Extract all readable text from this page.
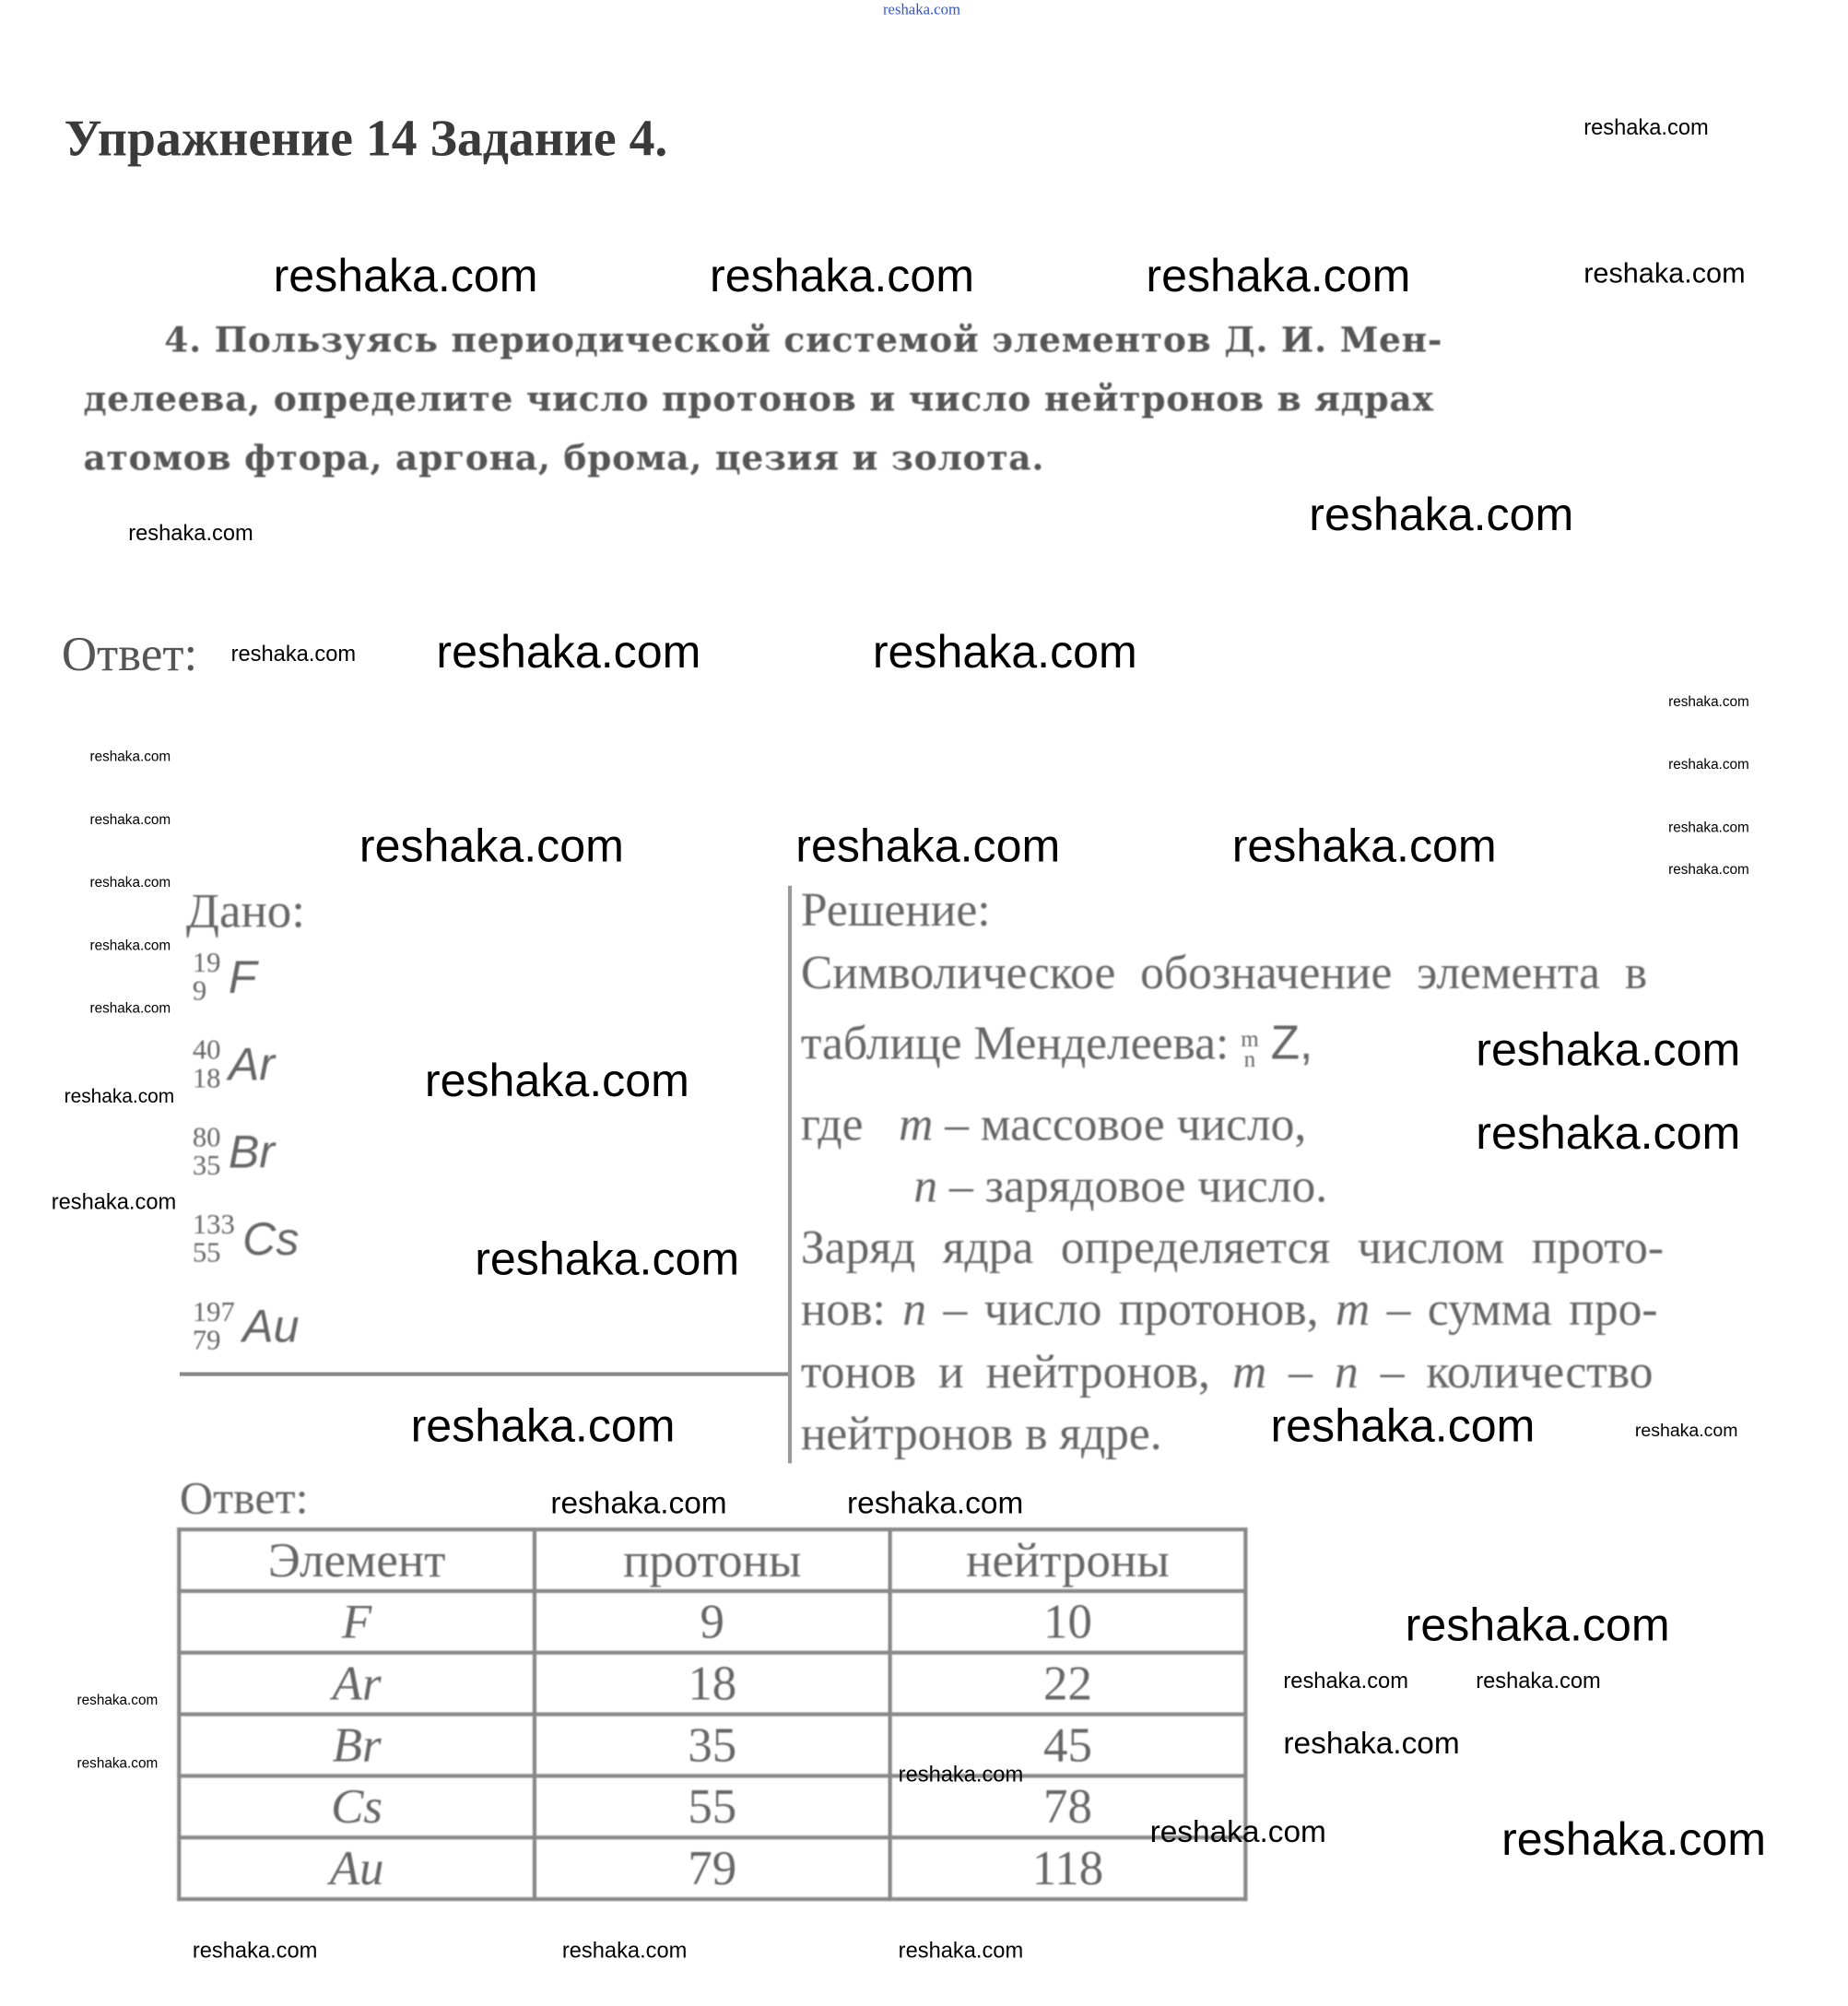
reshaka.com
Упражнение 14 Задание 4.
4. Пользуясь периодической системой элементов Д. И. Мен-
делеева, определите число протонов и число нейтронов в ядрах
атомов фтора, аргона, брома, цезия и золота.
Ответ:
Дано:
19
9 F
40
18 Ar
80
35 Br
133
55 Cs
197
79 Au
Решение:
Символическое обозначение элемента в
таблице Менделеева: m
n Z,
где m – массовое число,
n – зарядовое число.
Заряд ядра определяется числом прото-
нов: n – число протонов, m – сумма про-
тонов и нейтронов, m – n – количество
нейтронов в ядре.
Ответ:
Элемент	протоны	нейтроны
F	9	10
Ar	18	22
Br	35	45
Cs	55	78
Au	79	118
reshaka.com
reshaka.com	reshaka.com	reshaka.com	reshaka.com
reshaka.com
reshaka.com
reshaka.com reshaka.com	reshaka.com
reshaka.com
reshaka.com
reshaka.com
reshaka.com
reshaka.com
reshaka.com
reshaka.com
reshaka.com
reshaka.com
reshaka.com	reshaka.com	reshaka.com
reshaka.com	reshaka.com
reshaka.com
reshaka.com
reshaka.com
reshaka.com
reshaka.com
reshaka.com
reshaka.com
reshaka.com	reshaka.com
reshaka.com
reshaka.com	reshaka.com
reshaka.com
reshaka.com
reshaka.com
reshaka.com
reshaka.com	reshaka.com
reshaka.com	reshaka.com	reshaka.com
